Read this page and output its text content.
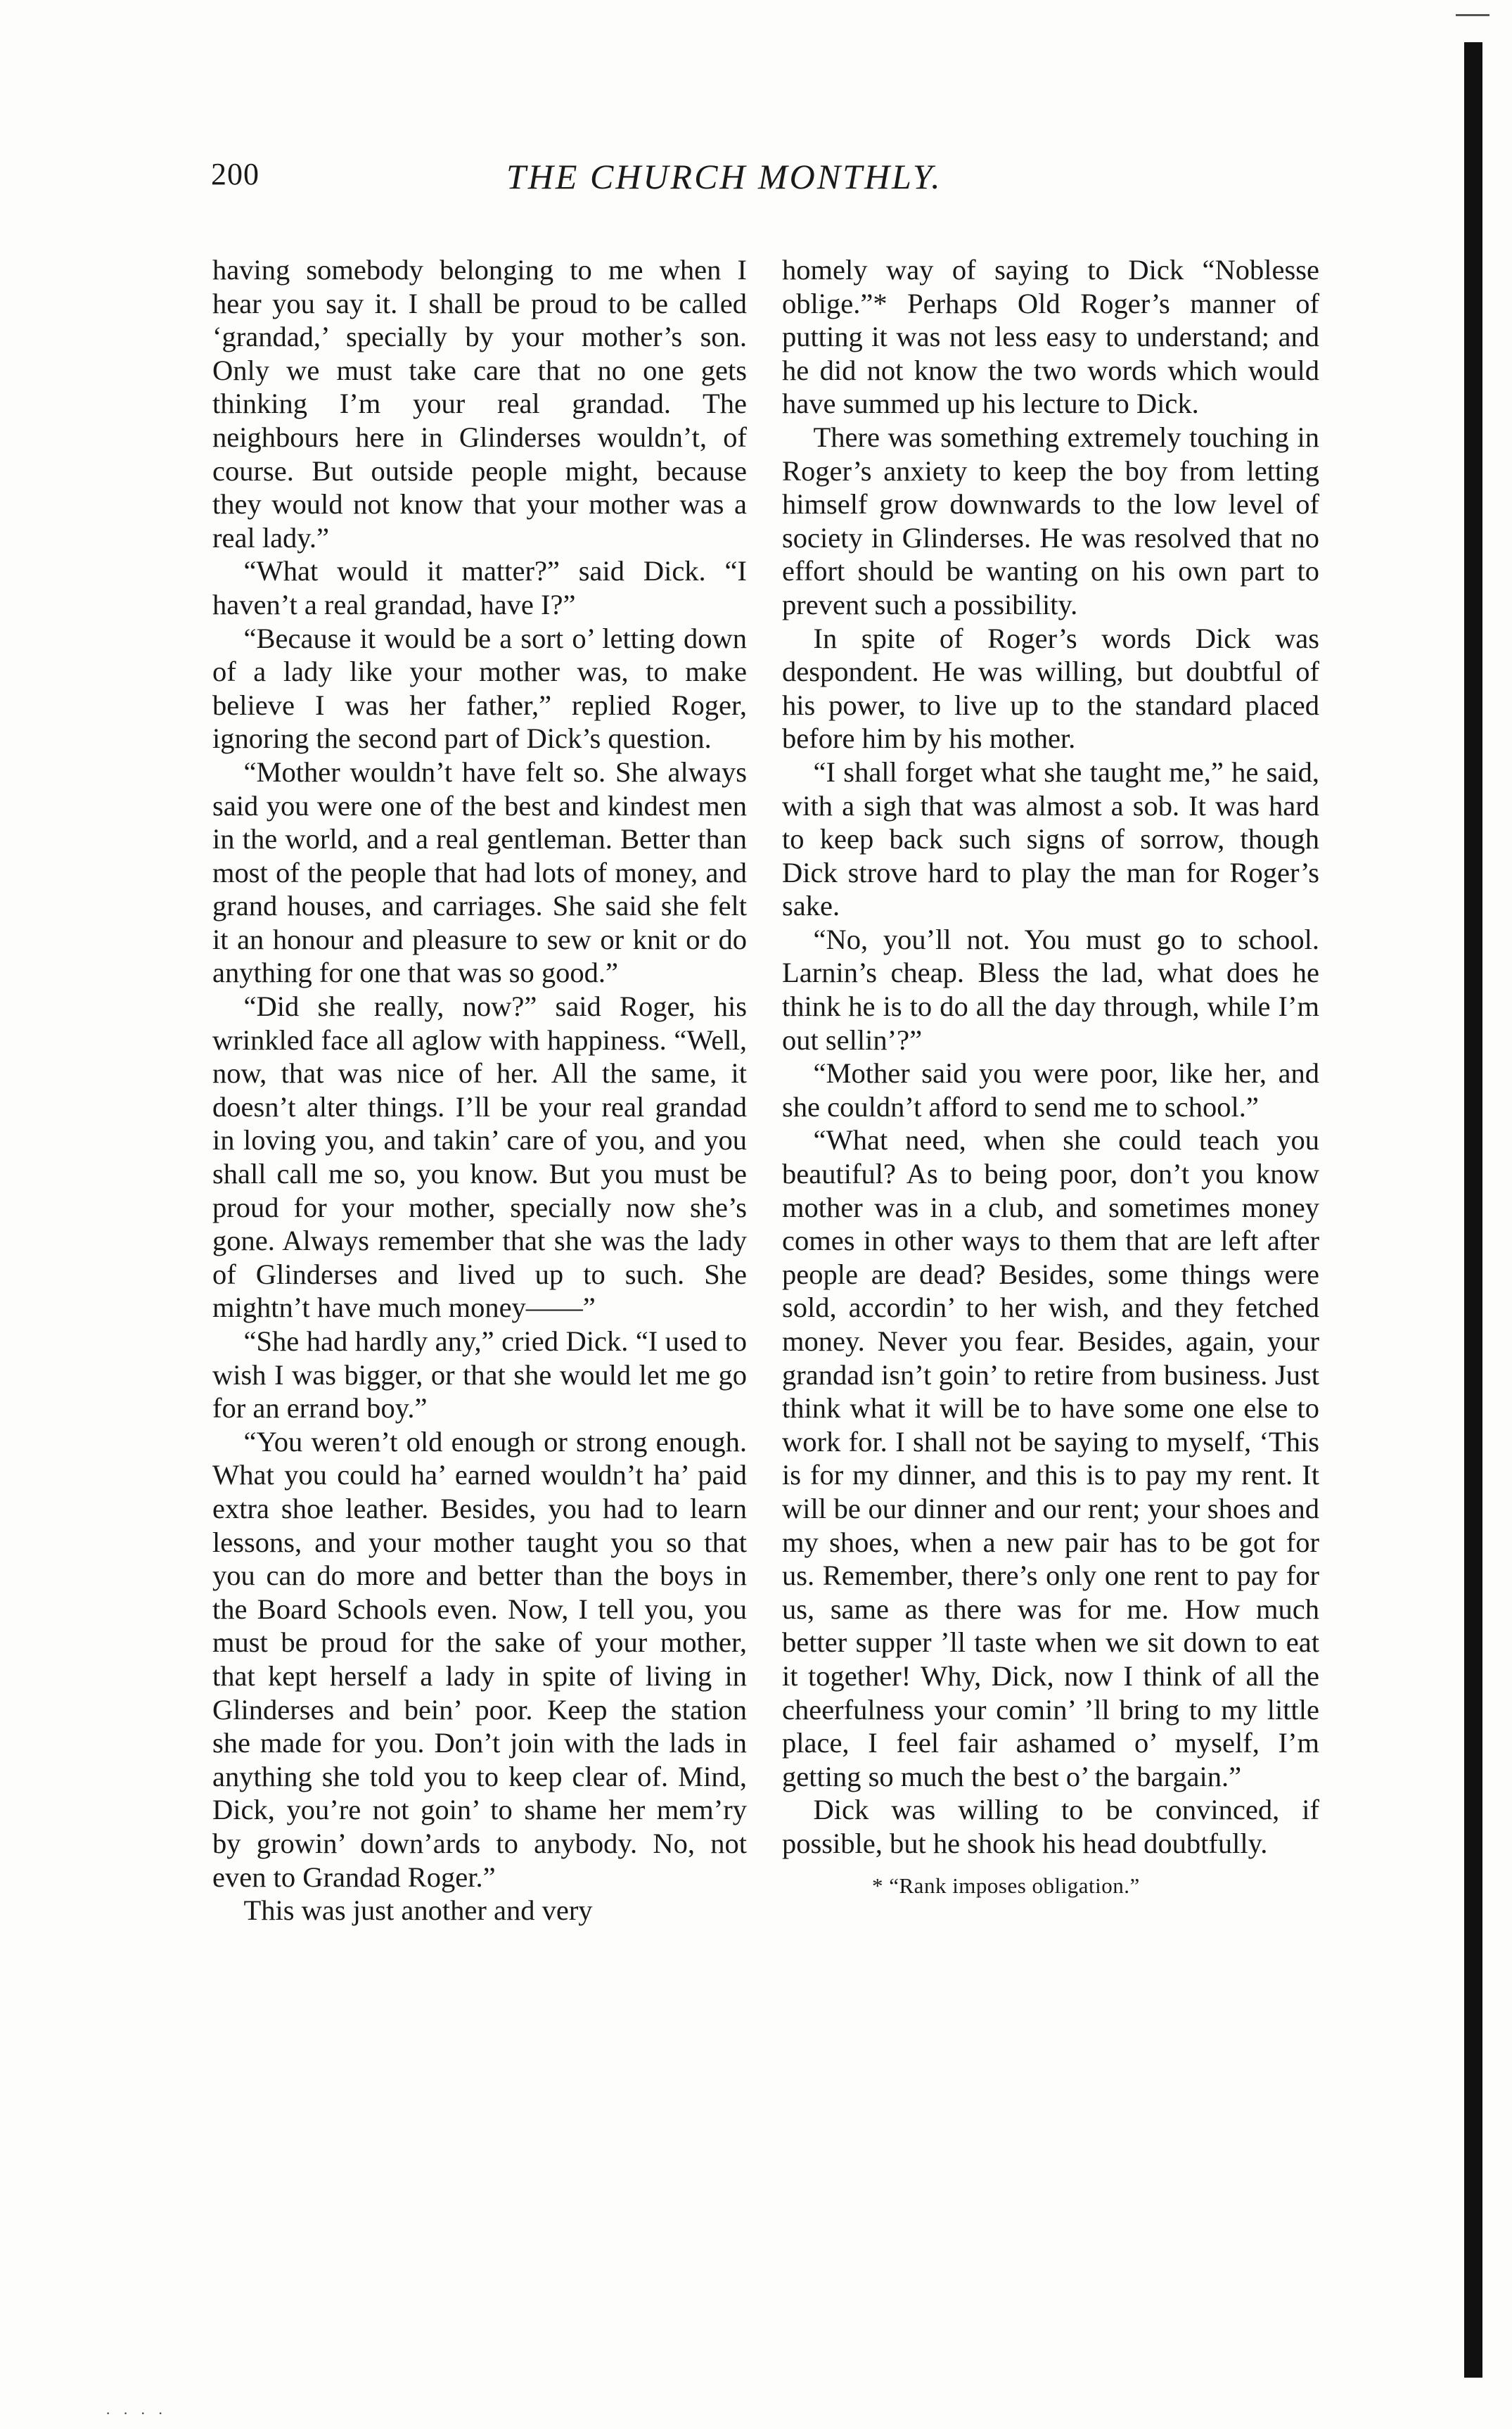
200	THE CHURCH MONTHLY.

having somebody belonging to me when I hear you say it. I shall be proud to be called ‘grandad,’ specially by your mother’s son. Only we must take care that no one gets thinking I’m your real grandad. The neighbours here in Glinderses wouldn’t, of course. But outside people might, because they would not know that your mother was a real lady.”

“What would it matter?” said Dick. “I haven’t a real grandad, have I?”

“Because it would be a sort o’ letting down of a lady like your mother was, to make believe I was her father,” replied Roger, ignoring the second part of Dick’s question.

“Mother wouldn’t have felt so. She always said you were one of the best and kindest men in the world, and a real gentleman. Better than most of the people that had lots of money, and grand houses, and carriages. She said she felt it an honour and pleasure to sew or knit or do anything for one that was so good.”

“Did she really, now?” said Roger, his wrinkled face all aglow with happiness. “Well, now, that was nice of her. All the same, it doesn’t alter things. I’ll be your real grandad in loving you, and takin’ care of you, and you shall call me so, you know. But you must be proud for your mother, specially now she’s gone. Always remember that she was the lady of Glinderses and lived up to such. She mightn’t have much money——”

“She had hardly any,” cried Dick. “I used to wish I was bigger, or that she would let me go for an errand boy.”

“You weren’t old enough or strong enough. What you could ha’ earned wouldn’t ha’ paid extra shoe leather. Besides, you had to learn lessons, and your mother taught you so that you can do more and better than the boys in the Board Schools even. Now, I tell you, you must be proud for the sake of your mother, that kept herself a lady in spite of living in Glinderses and bein’ poor. Keep the station she made for you. Don’t join with the lads in anything she told you to keep clear of. Mind, Dick, you’re not goin’ to shame her mem’ry by growin’ down’ards to anybody. No, not even to Grandad Roger.”

This was just another and very

homely way of saying to Dick “Noblesse oblige.”* Perhaps Old Roger’s manner of putting it was not less easy to understand; and he did not know the two words which would have summed up his lecture to Dick.

There was something extremely touching in Roger’s anxiety to keep the boy from letting himself grow downwards to the low level of society in Glinderses. He was resolved that no effort should be wanting on his own part to prevent such a possibility.

In spite of Roger’s words Dick was despondent. He was willing, but doubtful of his power, to live up to the standard placed before him by his mother.

“I shall forget what she taught me,” he said, with a sigh that was almost a sob. It was hard to keep back such signs of sorrow, though Dick strove hard to play the man for Roger’s sake.

“No, you’ll not. You must go to school. Larnin’s cheap. Bless the lad, what does he think he is to do all the day through, while I’m out sellin’?”

“Mother said you were poor, like her, and she couldn’t afford to send me to school.”

“What need, when she could teach you beautiful? As to being poor, don’t you know mother was in a club, and sometimes money comes in other ways to them that are left after people are dead? Besides, some things were sold, accordin’ to her wish, and they fetched money. Never you fear. Besides, again, your grandad isn’t goin’ to retire from business. Just think what it will be to have some one else to work for. I shall not be saying to myself, ‘This is for my dinner, and this is to pay my rent. It will be our dinner and our rent; your shoes and my shoes, when a new pair has to be got for us. Remember, there’s only one rent to pay for us, same as there was for me. How much better supper ’ll taste when we sit down to eat it together! Why, Dick, now I think of all the cheerfulness your comin’ ’ll bring to my little place, I feel fair ashamed o’ myself, I’m getting so much the best o’ the bargain.”

Dick was willing to be convinced, if possible, but he shook his head doubtfully.

* “Rank imposes obligation.”
· · · ·
